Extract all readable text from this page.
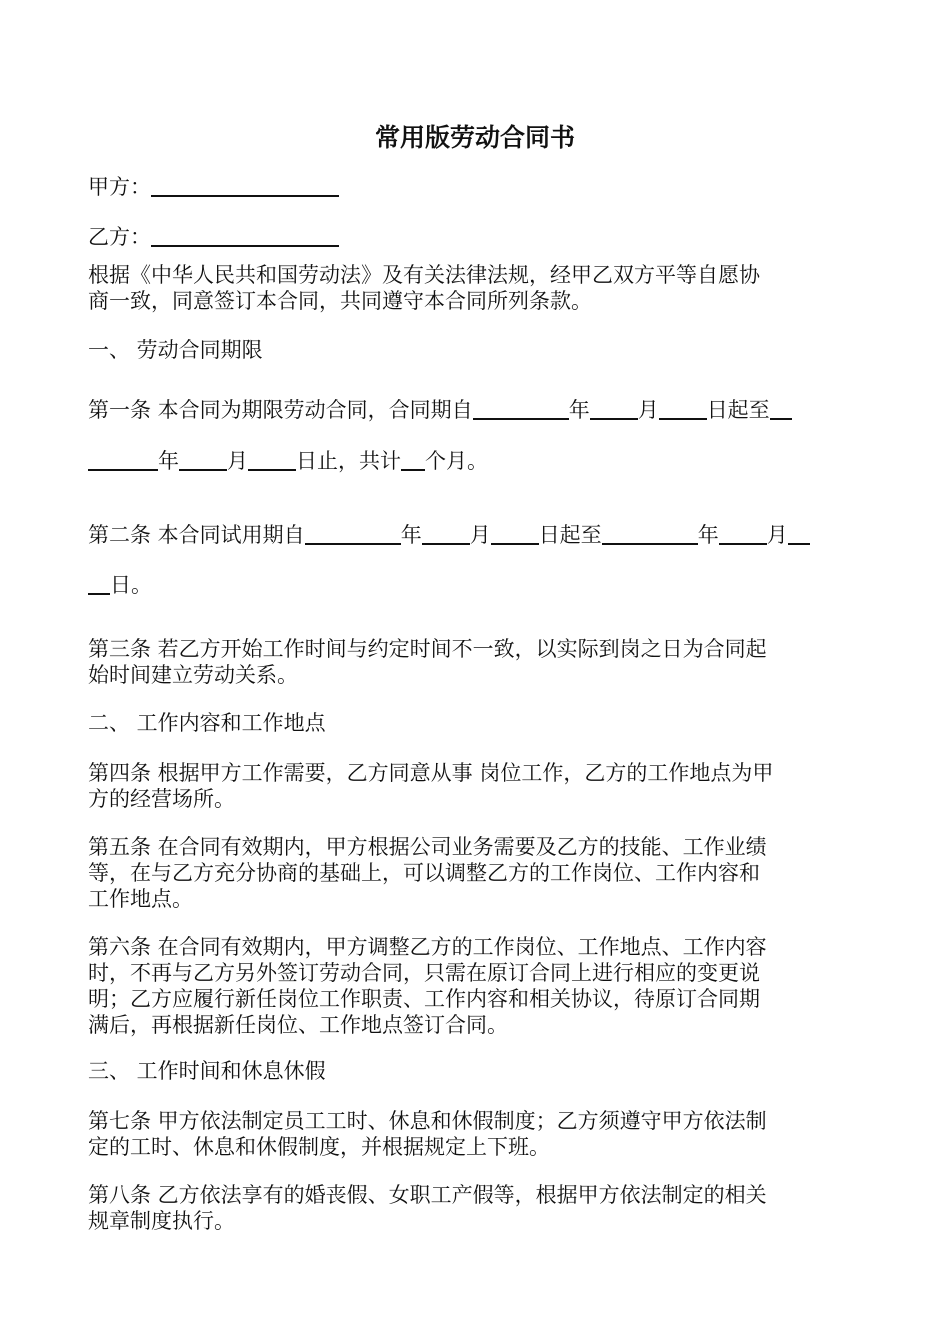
常用版劳动合同书
甲方：
乙方：
根据《中华人民共和国劳动法》及有关法律法规，经甲乙双方平等自愿协
商一致，同意签订本合同，共同遵守本合同所列条款。
一、 劳动合同期限
第一条 本合同为期限劳动合同，合同期自	年 月 日起至
年 月 日止，共计 个月。
第二条 本合同试用期自	年 月 日起至	年 月
日。
第三条 若乙方开始工作时间与约定时间不一致，以实际到岗之日为合同起
始时间建立劳动关系。
二、 工作内容和工作地点
第四条 根据甲方工作需要，乙方同意从事 岗位工作，乙方的工作地点为甲
方的经营场所。
第五条 在合同有效期内，甲方根据公司业务需要及乙方的技能、工作业绩
等，在与乙方充分协商的基础上，可以调整乙方的工作岗位、工作内容和
工作地点。
第六条 在合同有效期内，甲方调整乙方的工作岗位、工作地点、工作内容
时，不再与乙方另外签订劳动合同，只需在原订合同上进行相应的变更说
明；乙方应履行新任岗位工作职责、工作内容和相关协议，待原订合同期
满后，再根据新任岗位、工作地点签订合同。
三、 工作时间和休息休假
第七条 甲方依法制定员工工时、休息和休假制度；乙方须遵守甲方依法制
定的工时、休息和休假制度，并根据规定上下班。
第八条 乙方依法享有的婚丧假、女职工产假等，根据甲方依法制定的相关
规章制度执行。
